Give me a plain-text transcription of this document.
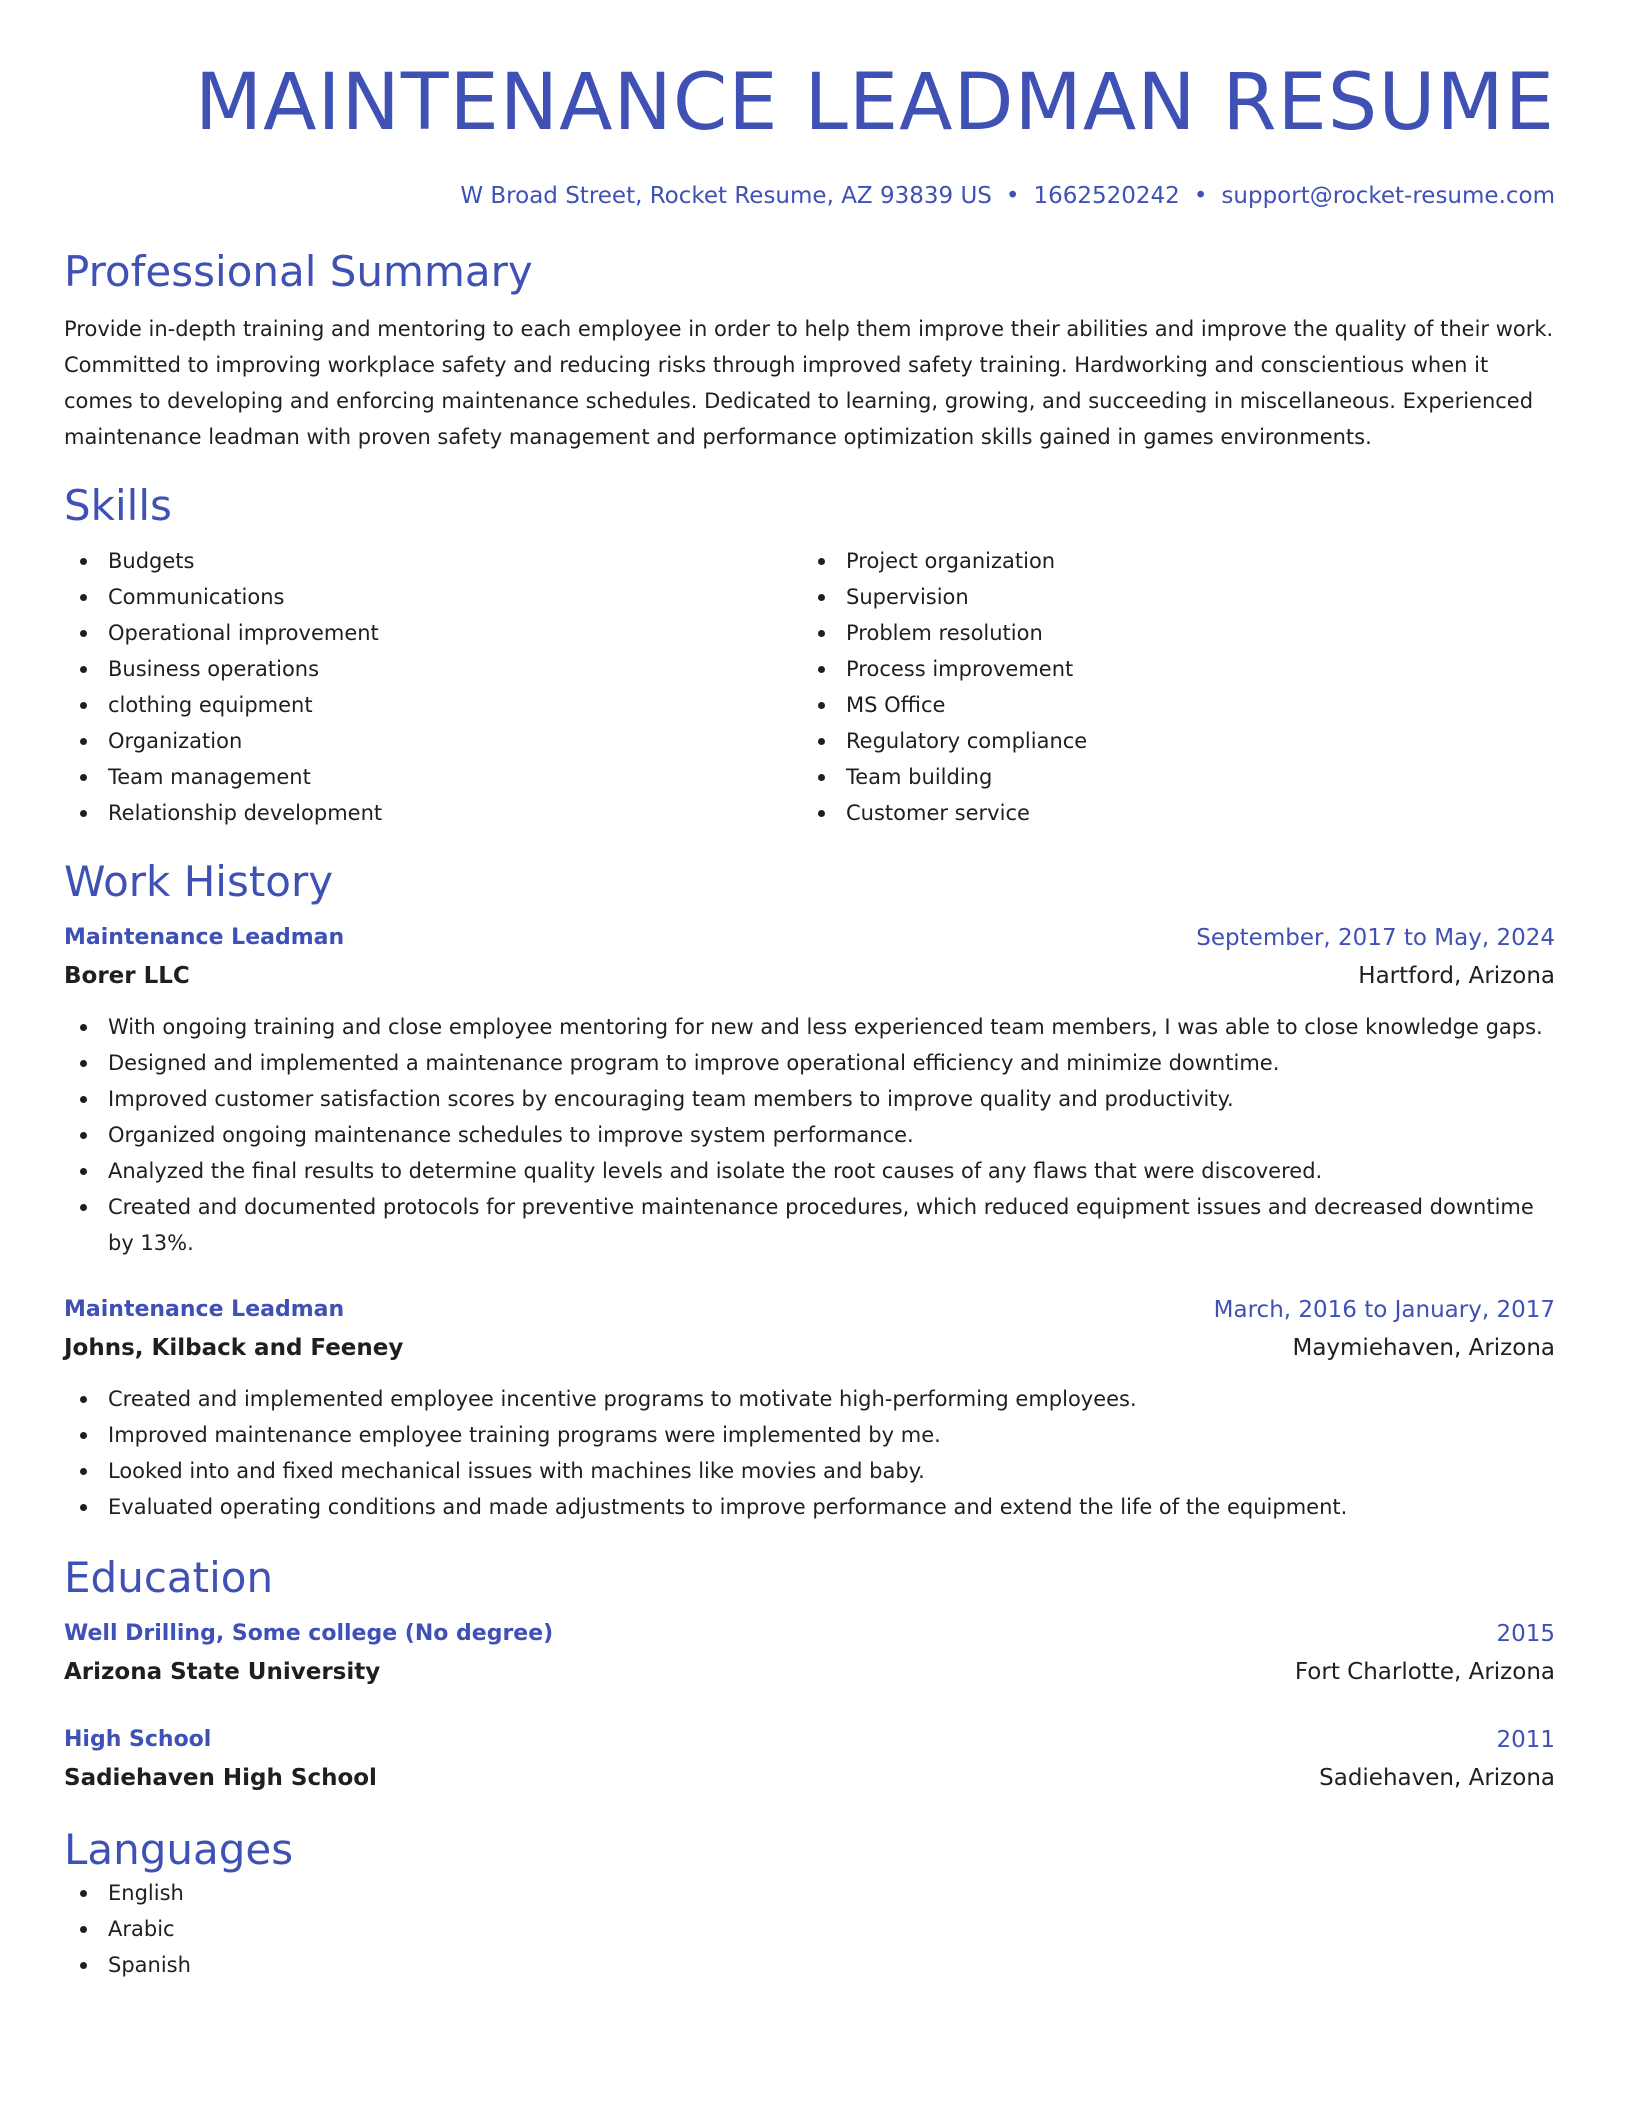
MAINTENANCE LEADMAN RESUME
W Broad Street, Rocket Resume, AZ 93839 US • 1662520242 • support@rocket-resume.com
Professional Summary
Provide in-depth training and mentoring to each employee in order to help them improve their abilities and improve the quality of their work. Committed to improving workplace safety and reducing risks through improved safety training. Hardworking and conscientious when it comes to developing and enforcing maintenance schedules. Dedicated to learning, growing, and succeeding in miscellaneous. Experienced maintenance leadman with proven safety management and performance optimization skills gained in games environments.
Skills
Budgets
Communications
Operational improvement
Business operations
clothing equipment
Organization
Team management
Relationship development
Project organization
Supervision
Problem resolution
Process improvement
MS Office
Regulatory compliance
Team building
Customer service
Work History
Maintenance Leadman	September, 2017 to May, 2024
Borer LLC	Hartford, Arizona
With ongoing training and close employee mentoring for new and less experienced team members, I was able to close knowledge gaps.
Designed and implemented a maintenance program to improve operational efficiency and minimize downtime.
Improved customer satisfaction scores by encouraging team members to improve quality and productivity.
Organized ongoing maintenance schedules to improve system performance.
Analyzed the final results to determine quality levels and isolate the root causes of any flaws that were discovered.
Created and documented protocols for preventive maintenance procedures, which reduced equipment issues and decreased downtime by 13%.
Maintenance Leadman	March, 2016 to January, 2017
Johns, Kilback and Feeney	Maymiehaven, Arizona
Created and implemented employee incentive programs to motivate high-performing employees.
Improved maintenance employee training programs were implemented by me.
Looked into and fixed mechanical issues with machines like movies and baby.
Evaluated operating conditions and made adjustments to improve performance and extend the life of the equipment.
Education
Well Drilling, Some college (No degree)	2015
Arizona State University	Fort Charlotte, Arizona
High School	2011
Sadiehaven High School	Sadiehaven, Arizona
Languages
English
Arabic
Spanish
